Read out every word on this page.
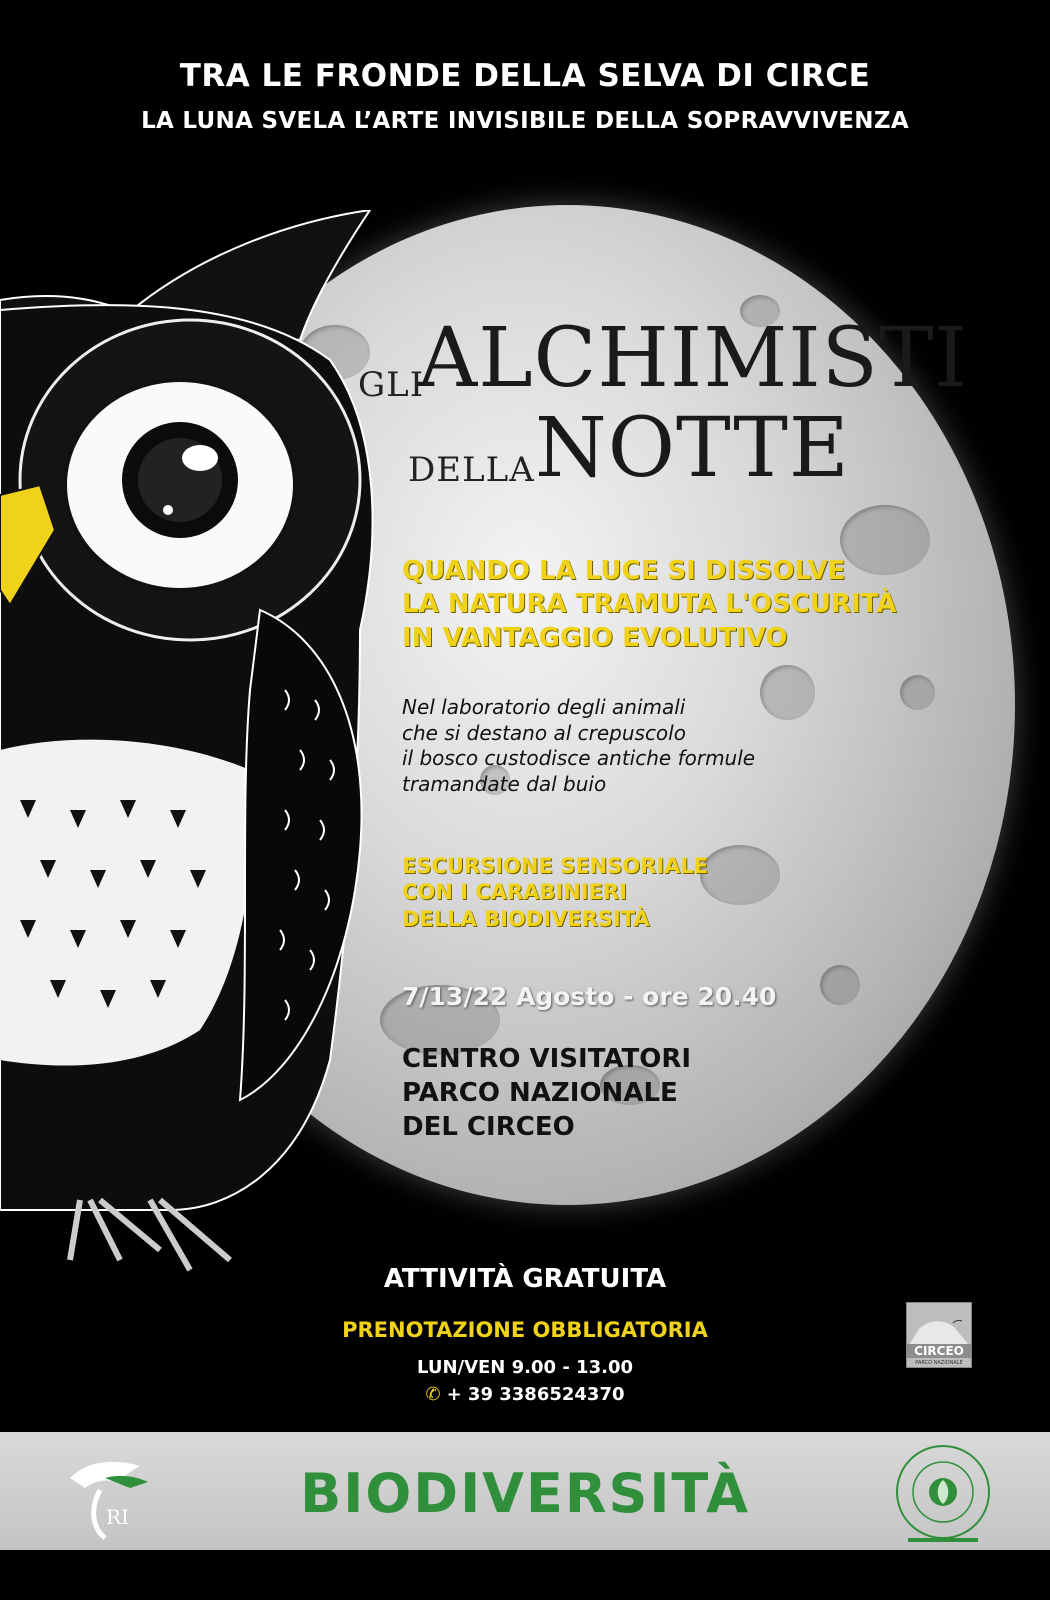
TRA LE FRONDE DELLA SELVA DI CIRCE
LA LUNA SVELA L’ARTE INVISIBILE DELLA SOPRAVVIVENZA
GLI
ALCHIMISTI
DELLA NOTTE
QUANDO LA LUCE SI DISSOLVE
LA NATURA TRAMUTA L'OSCURITÀ
IN VANTAGGIO EVOLUTIVO
Nel laboratorio degli animali
che si destano al crepuscolo
il bosco custodisce antiche formule
tramandate dal buio
ESCURSIONE SENSORIALE
CON I CARABINIERI
DELLA BIODIVERSITÀ
7/13/22 Agosto - ore 20.40
CENTRO VISITATORI
PARCO NAZIONALE
DEL CIRCEO
ATTIVITÀ GRATUITA
PRENOTAZIONE OBBLIGATORIA
LUN/VEN 9.00 - 13.00
✆ + 39 3386524370
CIRCEO
PARCO NAZIONALE
RI	BIODIVERSITÀ
